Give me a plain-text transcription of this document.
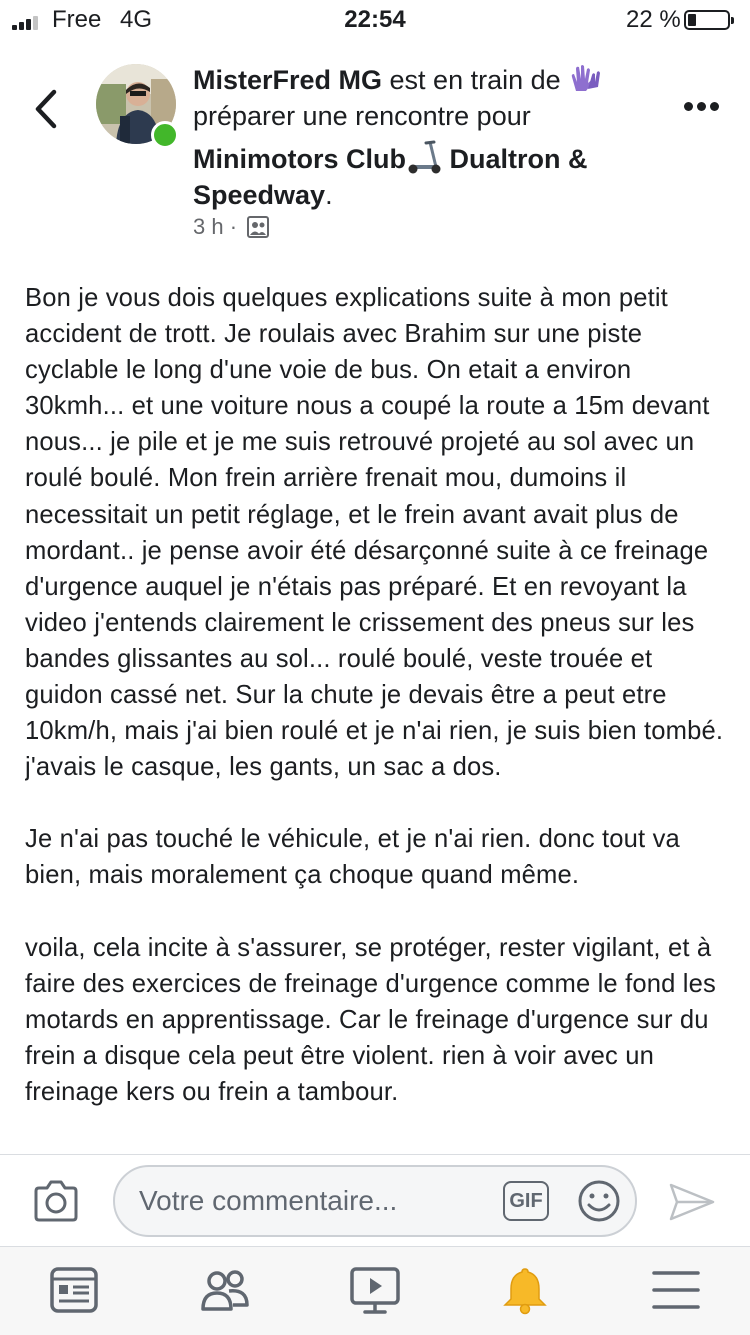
Free 4G	22:54	22 %
MisterFred MG est en train de  préparer une rencontre pour
Minimotors Club Dualtron & Speedway.
3 h ·

Bon je vous dois quelques explications suite à mon petit accident de trott. Je roulais avec Brahim sur une piste cyclable le long d'une voie de bus. On etait a environ 30kmh... et une voiture nous a coupé la route a 15m devant nous... je pile et je me suis retrouvé projeté au sol avec un roulé boulé. Mon frein arrière frenait mou, dumoins il necessitait un petit réglage, et le frein avant avait plus de mordant.. je pense avoir été désarçonné suite à ce freinage d'urgence auquel je n'étais pas préparé. Et en revoyant la video j'entends clairement le crissement des pneus sur les bandes glissantes au sol... roulé boulé, veste trouée et guidon cassé net. Sur la chute je devais être a peut etre 10km/h, mais j'ai bien roulé et je n'ai rien, je suis bien tombé. j'avais le casque, les gants, un sac a dos.

Je n'ai pas touché le véhicule, et je n'ai rien. donc tout va bien, mais moralement ça choque quand même.

voila, cela incite à s'assurer, se protéger, rester vigilant, et à faire des exercices de freinage d'urgence comme le fond les motards en apprentissage. Car le freinage d'urgence sur du frein a disque cela peut être violent. rien à voir avec un freinage kers ou frein a tambour.

Votre commentaire...	GIF
